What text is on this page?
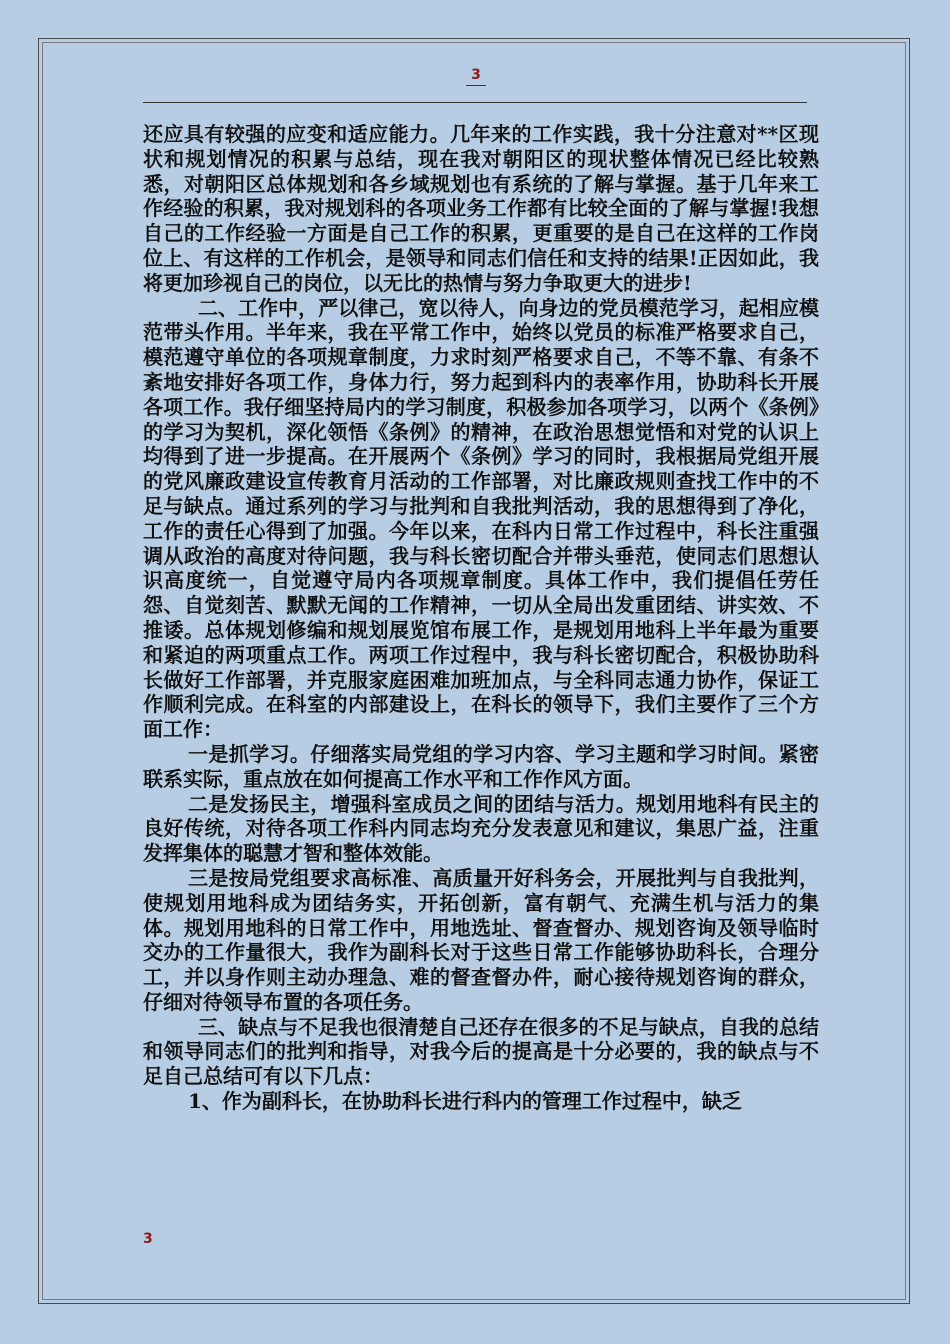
3

还应具有较强的应变和适应能力。几年来的工作实践，我十分注意对**区现状和规划情况的积累与总结，现在我对朝阳区的现状整体情况已经比较熟悉，对朝阳区总体规划和各乡域规划也有系统的了解与掌握。基于几年来工作经验的积累，我对规划科的各项业务工作都有比较全面的了解与掌握!我想自己的工作经验一方面是自己工作的积累，更重要的是自己在这样的工作岗位上、有这样的工作机会，是领导和同志们信任和支持的结果!正因如此，我将更加珍视自己的岗位，以无比的热情与努力争取更大的进步!

二、工作中，严以律己，宽以待人，向身边的党员模范学习，起相应模范带头作用。半年来，我在平常工作中，始终以党员的标准严格要求自己，模范遵守单位的各项规章制度，力求时刻严格要求自己，不等不靠、有条不紊地安排好各项工作，身体力行，努力起到科内的表率作用，协助科长开展各项工作。我仔细坚持局内的学习制度，积极参加各项学习，以两个《条例》的学习为契机，深化领悟《条例》的精神，在政治思想觉悟和对党的认识上均得到了进一步提高。在开展两个《条例》学习的同时，我根据局党组开展的党风廉政建设宣传教育月活动的工作部署，对比廉政规则查找工作中的不足与缺点。通过系列的学习与批判和自我批判活动，我的思想得到了净化，工作的责任心得到了加强。今年以来，在科内日常工作过程中，科长注重强调从政治的高度对待问题，我与科长密切配合并带头垂范，使同志们思想认识高度统一，自觉遵守局内各项规章制度。具体工作中，我们提倡任劳任怨、自觉刻苦、默默无闻的工作精神，一切从全局出发重团结、讲实效、不推诿。总体规划修编和规划展览馆布展工作，是规划用地科上半年最为重要和紧迫的两项重点工作。两项工作过程中，我与科长密切配合，积极协助科长做好工作部署，并克服家庭困难加班加点，与全科同志通力协作，保证工作顺利完成。在科室的内部建设上，在科长的领导下，我们主要作了三个方面工作：

一是抓学习。仔细落实局党组的学习内容、学习主题和学习时间。紧密联系实际，重点放在如何提高工作水平和工作作风方面。

二是发扬民主，增强科室成员之间的团结与活力。规划用地科有民主的良好传统，对待各项工作科内同志均充分发表意见和建议，集思广益，注重发挥集体的聪慧才智和整体效能。

三是按局党组要求高标准、高质量开好科务会，开展批判与自我批判，使规划用地科成为团结务实，开拓创新，富有朝气、充满生机与活力的集体。规划用地科的日常工作中，用地选址、督查督办、规划咨询及领导临时交办的工作量很大，我作为副科长对于这些日常工作能够协助科长，合理分工，并以身作则主动办理急、难的督查督办件，耐心接待规划咨询的群众，仔细对待领导布置的各项任务。

三、缺点与不足我也很清楚自己还存在很多的不足与缺点，自我的总结和领导同志们的批判和指导，对我今后的提高是十分必要的，我的缺点与不足自己总结可有以下几点：

1、作为副科长，在协助科长进行科内的管理工作过程中，缺乏

3
